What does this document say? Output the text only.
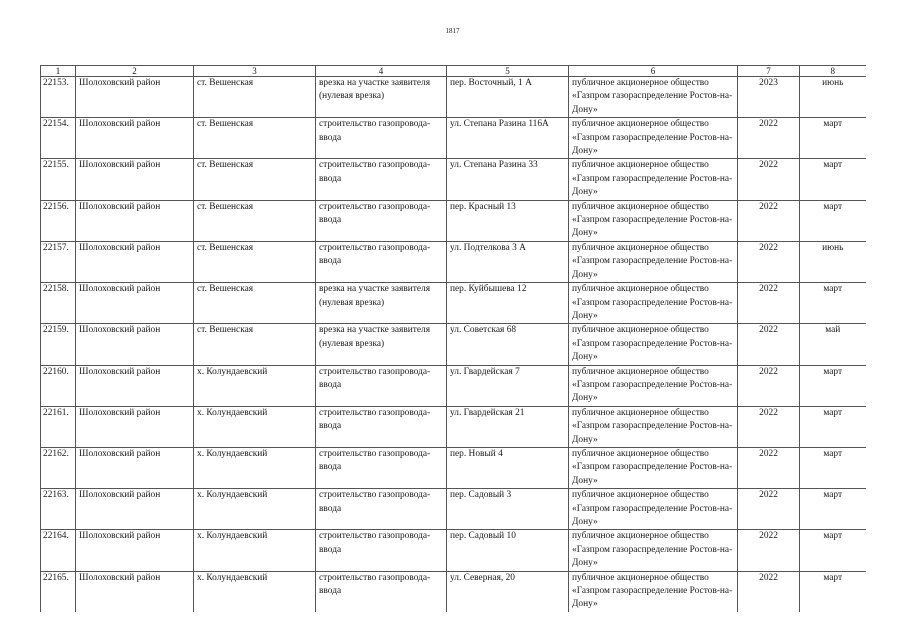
1817
1	2	3	4	5	6	7	8
22153.	Шолоховский район	ст. Вешенская	врезка на участке заявителя (нулевая врезка)	пер. Восточный, 1 А	публичное акционерное общество «Газпром газораспределение Ростов-на-Дону»	2023	июнь
22154.	Шолоховский район	ст. Вешенская	строительство газопровода-ввода	ул. Степана Разина 116А	публичное акционерное общество «Газпром газораспределение Ростов-на-Дону»	2022	март
22155.	Шолоховский район	ст. Вешенская	строительство газопровода-ввода	ул. Степана Разина 33	публичное акционерное общество «Газпром газораспределение Ростов-на-Дону»	2022	март
22156.	Шолоховский район	ст. Вешенская	строительство газопровода-ввода	пер. Красный 13	публичное акционерное общество «Газпром газораспределение Ростов-на-Дону»	2022	март
22157.	Шолоховский район	ст. Вешенская	строительство газопровода-ввода	ул. Подтелкова 3 А	публичное акционерное общество «Газпром газораспределение Ростов-на-Дону»	2022	июнь
22158.	Шолоховский район	ст. Вешенская	врезка на участке заявителя (нулевая врезка)	пер. Куйбышева 12	публичное акционерное общество «Газпром газораспределение Ростов-на-Дону»	2022	март
22159.	Шолоховский район	ст. Вешенская	врезка на участке заявителя (нулевая врезка)	ул. Советская 68	публичное акционерное общество «Газпром газораспределение Ростов-на-Дону»	2022	май
22160.	Шолоховский район	х. Колундаевский	строительство газопровода-ввода	ул. Гвардейская 7	публичное акционерное общество «Газпром газораспределение Ростов-на-Дону»	2022	март
22161.	Шолоховский район	х. Колундаевский	строительство газопровода-ввода	ул. Гвардейская 21	публичное акционерное общество «Газпром газораспределение Ростов-на-Дону»	2022	март
22162.	Шолоховский район	х. Колундаевский	строительство газопровода-ввода	пер. Новый 4	публичное акционерное общество «Газпром газораспределение Ростов-на-Дону»	2022	март
22163.	Шолоховский район	х. Колундаевский	строительство газопровода-ввода	пер. Садовый 3	публичное акционерное общество «Газпром газораспределение Ростов-на-Дону»	2022	март
22164.	Шолоховский район	х. Колундаевский	строительство газопровода-ввода	пер. Садовый 10	публичное акционерное общество «Газпром газораспределение Ростов-на-Дону»	2022	март
22165.	Шолоховский район	х. Колундаевский	строительство газопровода-ввода	ул. Северная, 20	публичное акционерное общество «Газпром газораспределение Ростов-на-Дону»	2022	март
